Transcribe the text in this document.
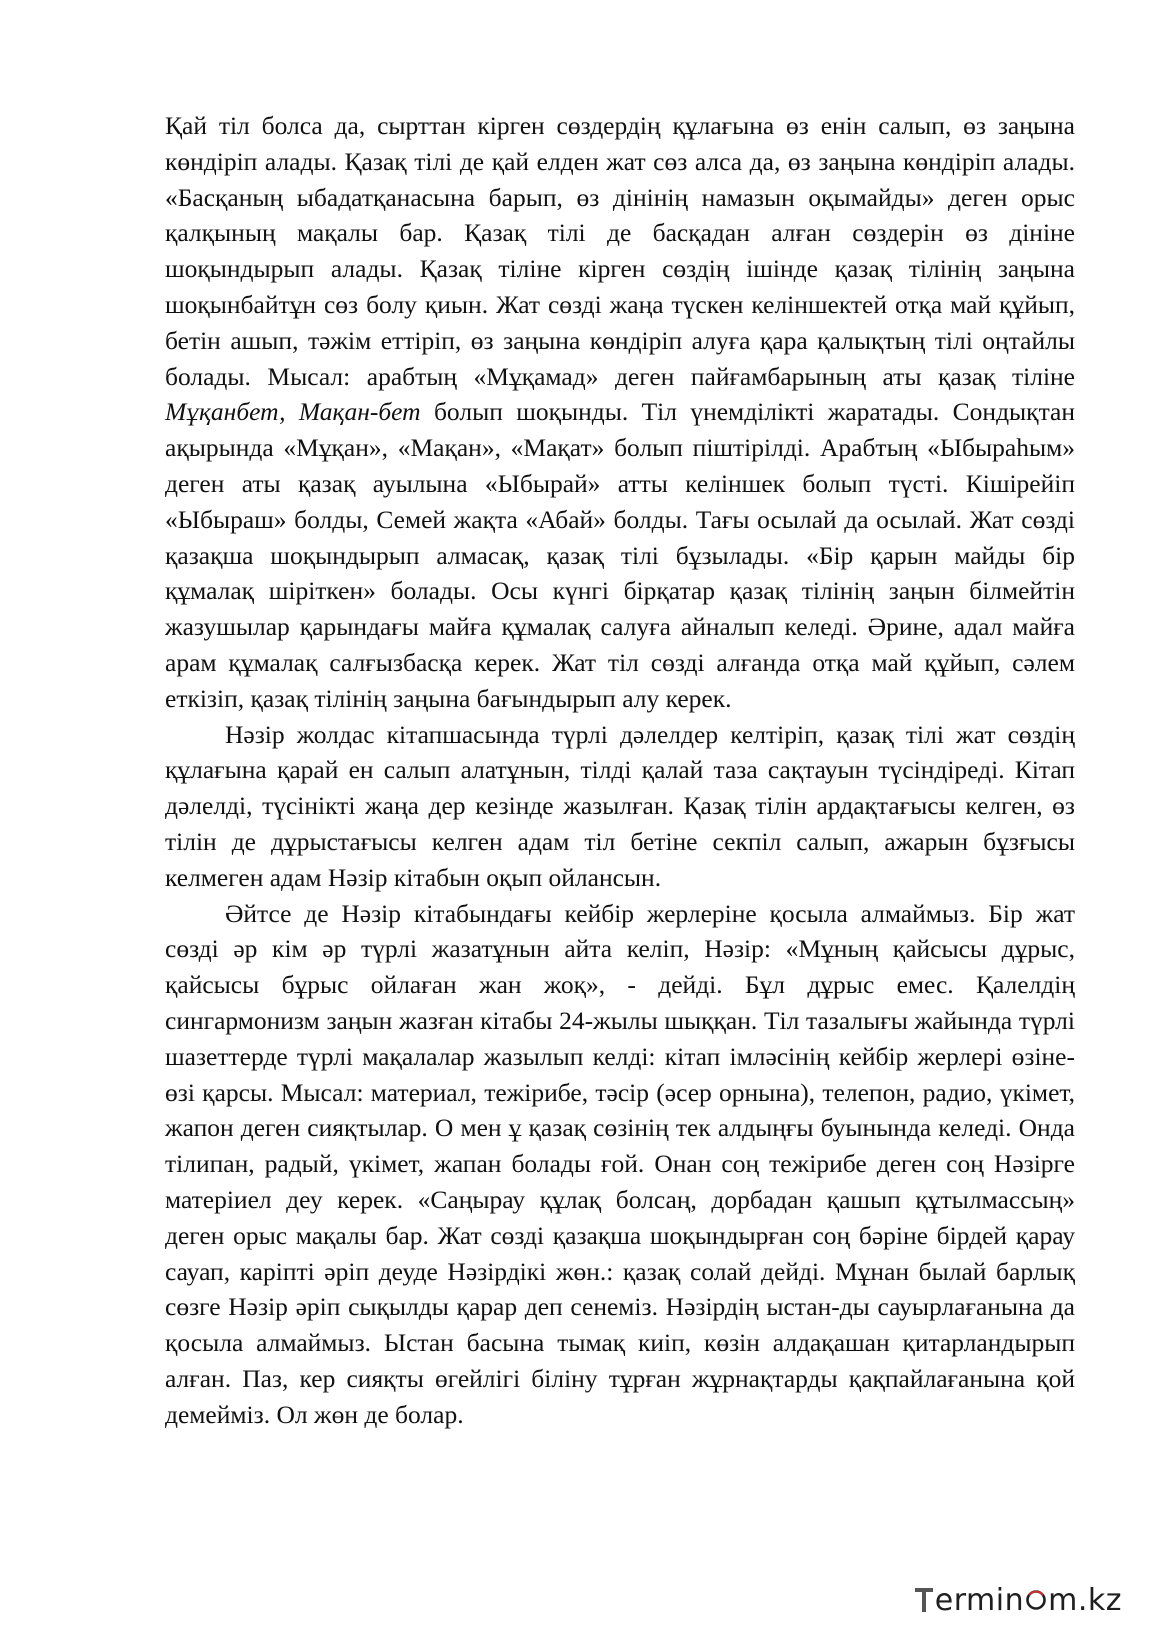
Қай тіл болса да, сырттан кірген сөздердің құлағына өз енін салып, өз заңына көндіріп алады. Қазақ тілі де қай елден жат сөз алса да, өз заңына көндіріп алады. «Басқаның ыбадатқанасына барып, өз дінінің намазын оқымайды» деген орыс қалқының мақалы бар. Қазақ тілі де басқадан алған сөздерін өз дініне шоқындырып алады. Қазақ тіліне кірген сөздің ішінде қазақ тілінің заңына шоқынбайтұн сөз болу қиын. Жат сөзді жаңа түскен келіншектей отқа май құйып, бетін ашып, тәжім еттіріп, өз заңына көндіріп алуға қара қалықтың тілі оңтайлы болады. Мысал: арабтың «Мұқамад» деген пайғамбарының аты қазақ тіліне Мұқанбет, Мақан-бет болып шоқынды. Тіл үнемділікті жаратады. Сондықтан ақырында «Мұқан», «Мақан», «Мақат» болып піштірілді. Арабтың «Ыбыраһым» деген аты қазақ ауылына «Ыбырай» атты келіншек болып түсті. Кішірейіп «Ыбыраш» болды, Семей жақта «Абай» болды. Тағы осылай да осылай. Жат сөзді қазақша шоқындырып алмасақ, қазақ тілі бұзылады. «Бір қарын майды бір құмалақ шіріткен» болады. Осы күнгі бірқатар қазақ тілінің заңын білмейтін жазушылар қарындағы майға құмалақ салуға айналып келеді. Әрине, адал майға арам құмалақ салғызбасқа керек. Жат тіл сөзді алғанда отқа май құйып, сәлем еткізіп, қазақ тілінің заңына бағындырып алу керек.

Нәзір жолдас кітапшасында түрлі дәлелдер келтіріп, қазақ тілі жат сөздің құлағына қарай ен салып алатұнын, тілді қалай таза сақтауын түсіндіреді. Кітап дәлелді, түсінікті жаңа дер кезінде жазылған. Қазақ тілін ардақтағысы келген, өз тілін де дұрыстағысы келген адам тіл бетіне секпіл салып, ажарын бұзғысы келмеген адам Нәзір кітабын оқып ойлансын.

Әйтсе де Нәзір кітабындағы кейбір жерлеріне қосыла алмаймыз. Бір жат сөзді әр кім әр түрлі жазатұнын айта келіп, Нәзір: «Мұның қайсысы дұрыс, қайсысы бұрыс ойлаған жан жоқ», - дейді. Бұл дұрыс емес. Қалелдің сингармонизм заңын жазған кітабы 24-жылы шыққан. Тіл тазалығы жайында түрлі шазеттерде түрлі мақалалар жазылып келді: кітап імләсінің кейбір жерлері өзіне-өзі қарсы. Мысал: материал, тежірибе, тәсір (әсер орнына), телепон, радио, үкімет, жапон деген сияқтылар. О мен ұ қазақ сөзінің тек алдыңғы буынында келеді. Онда тілипан, радый, үкімет, жапан болады ғой. Онан соң тежірибе деген соң Нәзірге матеріиел деу керек. «Саңырау құлақ болсаң, дорбадан қашып құтылмассың» деген орыс мақалы бар. Жат сөзді қазақша шоқындырған соң бәріне бірдей қарау сауап, каріпті әріп деуде Нәзірдікі жөн.: қазақ солай дейді. Мұнан былай барлық сөзге Нәзір әріп сықылды қарар деп сенеміз. Нәзірдің ыстан-ды сауырлағанына да қосыла алмаймыз. Ыстан басына тымақ киіп, көзін алдақашан қитарландырып алған. Паз, кер сияқты өгейлігі біліну тұрған жұрнақтарды қақпайлағанына қой демейміз. Ол жөн де болар.

ermin m.kz
